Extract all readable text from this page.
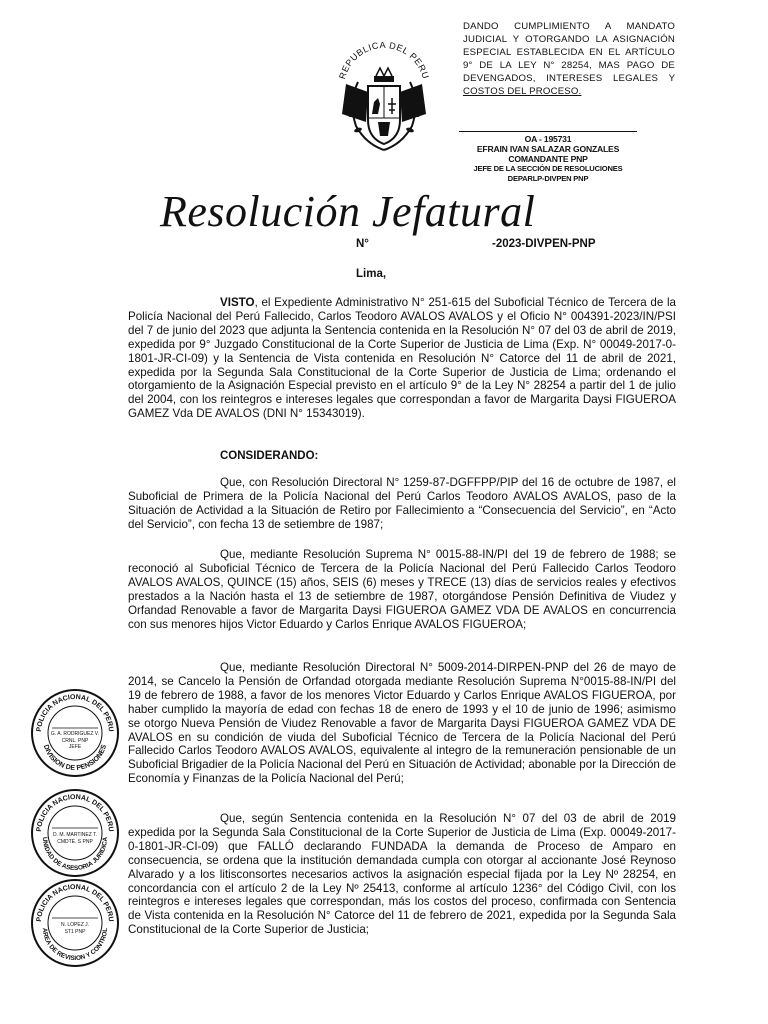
REPUBLICA DEL PERU
DANDO CUMPLIMIENTO A MANDATO JUDICIAL Y OTORGANDO LA ASIGNACIÓN ESPECIAL ESTABLECIDA EN EL ARTÍCULO 9° DE LA LEY N° 28254, MAS PAGO DE DEVENGADOS, INTERESES LEGALES Y COSTOS DEL PROCESO.
OA - 195731
EFRAIN IVAN SALAZAR GONZALES
COMANDANTE PNP
JEFE DE LA SECCIÓN DE RESOLUCIONES
DEPARLP-DIVPEN PNP
Resolución Jefatural
N°	-2023-DIVPEN-PNP
Lima,

VISTO, el Expediente Administrativo N° 251-615 del Suboficial Técnico de Tercera de la Policía Nacional del Perú Fallecido, Carlos Teodoro AVALOS AVALOS y el Oficio N° 004391-2023/IN/PSI del 7 de junio del 2023 que adjunta la Sentencia contenida en la Resolución N° 07 del 03 de abril de 2019, expedida por 9° Juzgado Constitucional de la Corte Superior de Justicia de Lima (Exp. N° 00049-2017-0-1801-JR-CI-09) y la Sentencia de Vista contenida en Resolución N° Catorce del 11 de abril de 2021, expedida por la Segunda Sala Constitucional de la Corte Superior de Justicia de Lima; ordenando el otorgamiento de la Asignación Especial previsto en el artículo 9° de la Ley N° 28254 a partir del 1 de julio del 2004, con los reintegros e intereses legales que correspondan a favor de Margarita Daysi FIGUEROA GAMEZ Vda DE AVALOS (DNI N° 15343019).

CONSIDERANDO:

Que, con Resolución Directoral N° 1259-87-DGFFPP/PIP del 16 de octubre de 1987, el Suboficial de Primera de la Policía Nacional del Perú Carlos Teodoro AVALOS AVALOS, paso de la Situación de Actividad a la Situación de Retiro por Fallecimiento a “Consecuencia del Servicio”, en “Acto del Servicio”, con fecha 13 de setiembre de 1987;

Que, mediante Resolución Suprema N° 0015-88-IN/PI del 19 de febrero de 1988; se reconoció al Suboficial Técnico de Tercera de la Policía Nacional del Perú Fallecido Carlos Teodoro AVALOS AVALOS, QUINCE (15) años, SEIS (6) meses y TRECE (13) días de servicios reales y efectivos prestados a la Nación hasta el 13 de setiembre de 1987, otorgándose Pensión Definitiva de Viudez y Orfandad Renovable a favor de Margarita Daysi FIGUEROA GAMEZ VDA DE AVALOS en concurrencia con sus menores hijos Victor Eduardo y Carlos Enrique AVALOS FIGUEROA;

Que, mediante Resolución Directoral N° 5009-2014-DIRPEN-PNP del 26 de mayo de 2014, se Cancelo la Pensión de Orfandad otorgada mediante Resolución Suprema N°0015-88-IN/PI del 19 de febrero de 1988, a favor de los menores Victor Eduardo y Carlos Enrique AVALOS FIGUEROA, por haber cumplido la mayoría de edad con fechas 18 de enero de 1993 y el 10 de junio de 1996; asimismo se otorgo Nueva Pensión de Viudez Renovable a favor de Margarita Daysi FIGUEROA GAMEZ VDA DE AVALOS en su condición de viuda del Suboficial Técnico de Tercera de la Policía Nacional del Perú Fallecido Carlos Teodoro AVALOS AVALOS, equivalente al integro de la remuneración pensionable de un Suboficial Brigadier de la Policía Nacional del Perú en Situación de Actividad; abonable por la Dirección de Economía y Finanzas de la Policía Nacional del Perú;

Que, según Sentencia contenida en la Resolución N° 07 del 03 de abril de 2019 expedida por la Segunda Sala Constitucional de la Corte Superior de Justicia de Lima (Exp. 00049-2017-0-1801-JR-CI-09) que FALLÓ declarando FUNDADA la demanda de Proceso de Amparo en consecuencia, se ordena que la institución demandada cumpla con otorgar al accionante José Reynoso Alvarado y a los litisconsortes necesarios activos la asignación especial fijada por la Ley Nº 28254, en concordancia con el artículo 2 de la Ley Nº 25413, conforme al artículo 1236° del Código Civil, con los reintegros e intereses legales que correspondan, más los costos del proceso, confirmada con Sentencia de Vista contenida en la Resolución N° Catorce del 11 de febrero de 2021, expedida por la Segunda Sala Constitucional de la Corte Superior de Justicia;

POLICIA NACIONAL DEL PERU
DIVISION DE PENSIONES
G. A. RODRIGUEZ V.
CRNL. PNP
JEFE
POLICIA NACIONAL DEL PERU
UNIDAD DE ASESORIA JURIDICA
D. M. MARTINEZ T.
CMDTE. S PNP
POLICIA NACIONAL DEL PERU
AREA DE REVISION Y CONTROL
N. LOPEZ J.
ST1 PNP
